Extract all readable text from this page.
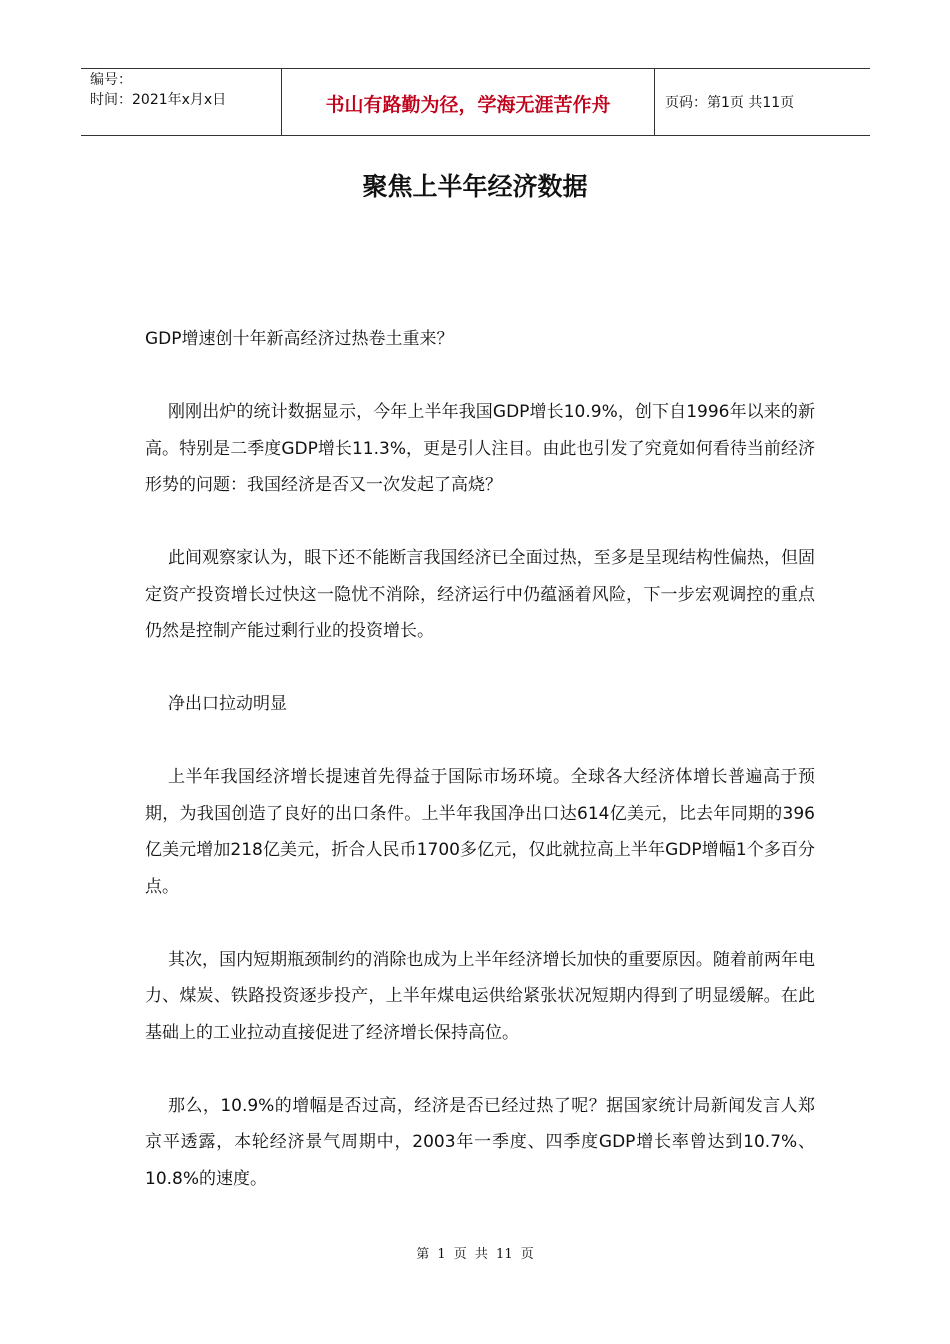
编号：
时间：2021年x月x日	书山有路勤为径，学海无涯苦作舟	页码：第1页 共11页
聚焦上半年经济数据

GDP增速创十年新高经济过热卷土重来？

刚刚出炉的统计数据显示，今年上半年我国GDP增长10.9%，创下自1996年以来的新高。特别是二季度GDP增长11.3%，更是引人注目。由此也引发了究竟如何看待当前经济形势的问题：我国经济是否又一次发起了高烧？

此间观察家认为，眼下还不能断言我国经济已全面过热，至多是呈现结构性偏热，但固定资产投资增长过快这一隐忧不消除，经济运行中仍蕴涵着风险，下一步宏观调控的重点仍然是控制产能过剩行业的投资增长。

净出口拉动明显

上半年我国经济增长提速首先得益于国际市场环境。全球各大经济体增长普遍高于预期，为我国创造了良好的出口条件。上半年我国净出口达614亿美元，比去年同期的396亿美元增加218亿美元，折合人民币1700多亿元，仅此就拉高上半年GDP增幅1个多百分点。

其次，国内短期瓶颈制约的消除也成为上半年经济增长加快的重要原因。随着前两年电力、煤炭、铁路投资逐步投产，上半年煤电运供给紧张状况短期内得到了明显缓解。在此基础上的工业拉动直接促进了经济增长保持高位。

那么，10.9%的增幅是否过高，经济是否已经过热了呢？据国家统计局新闻发言人郑京平透露，本轮经济景气周期中，2003年一季度、四季度GDP增长率曾达到10.7%、10.8%的速度。

第 1 页 共 11 页
